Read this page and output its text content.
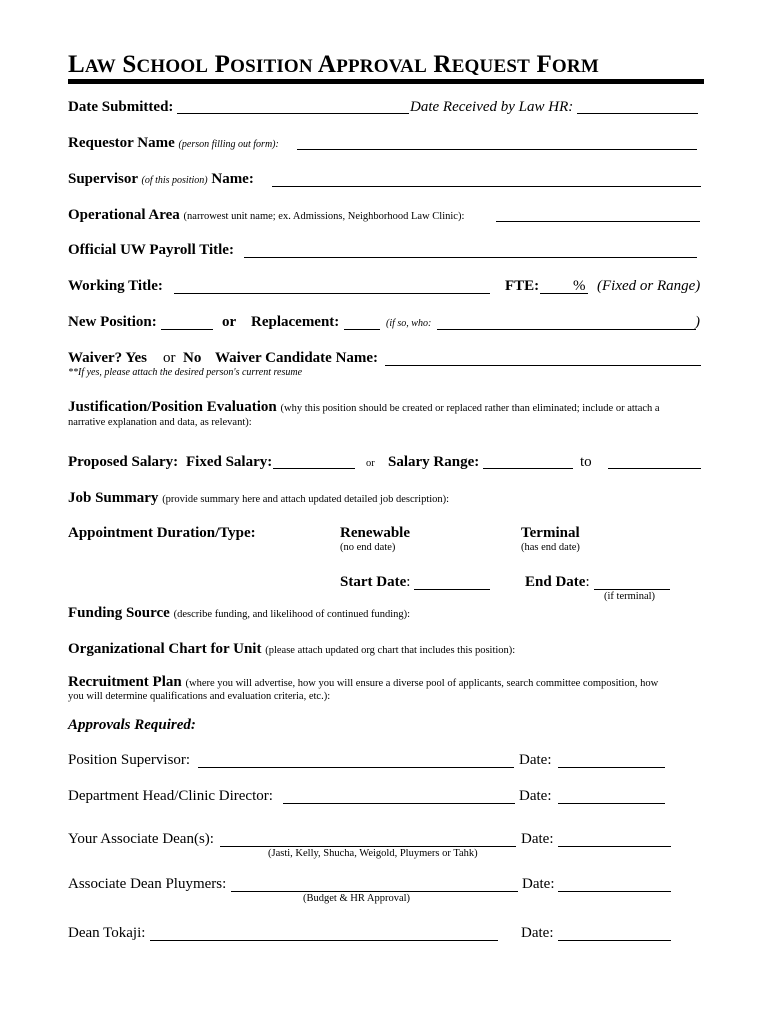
LAW SCHOOL POSITION APPROVAL REQUEST FORM
Date Submitted:	Date Received by Law HR:
Requestor Name (person filling out form):
Supervisor (of this position) Name:
Operational Area (narrowest unit name; ex. Admissions, Neighborhood Law Clinic):
Official UW Payroll Title:
Working Title:	FTE: % (Fixed or Range)
New Position:	or Replacement:	(if so, who:	)
Waiver? Yes or No Waiver Candidate Name:
**If yes, please attach the desired person's current resume
Justification/Position Evaluation (why this position should be created or replaced rather than eliminated; include or attach a
narrative explanation and data, as relevant):
Proposed Salary: Fixed Salary:	or Salary Range:	to
Job Summary (provide summary here and attach updated detailed job description):
Appointment Duration/Type:	Renewable
(no end date)
Terminal
(has end date)
Start Date:	End Date:
(if terminal)
Funding Source (describe funding, and likelihood of continued funding):
Organizational Chart for Unit (please attach updated org chart that includes this position):
Recruitment Plan (where you will advertise, how you will ensure a diverse pool of applicants, search committee composition, how
you will determine qualifications and evaluation criteria, etc.):
Approvals Required:
Position Supervisor:	Date:
Department Head/Clinic Director:	Date:
Your Associate Dean(s):	Date:
(Jasti, Kelly, Shucha, Weigold, Pluymers or Tahk)
Associate Dean Pluymers:	Date:
(Budget & HR Approval)
Dean Tokaji:	Date:
